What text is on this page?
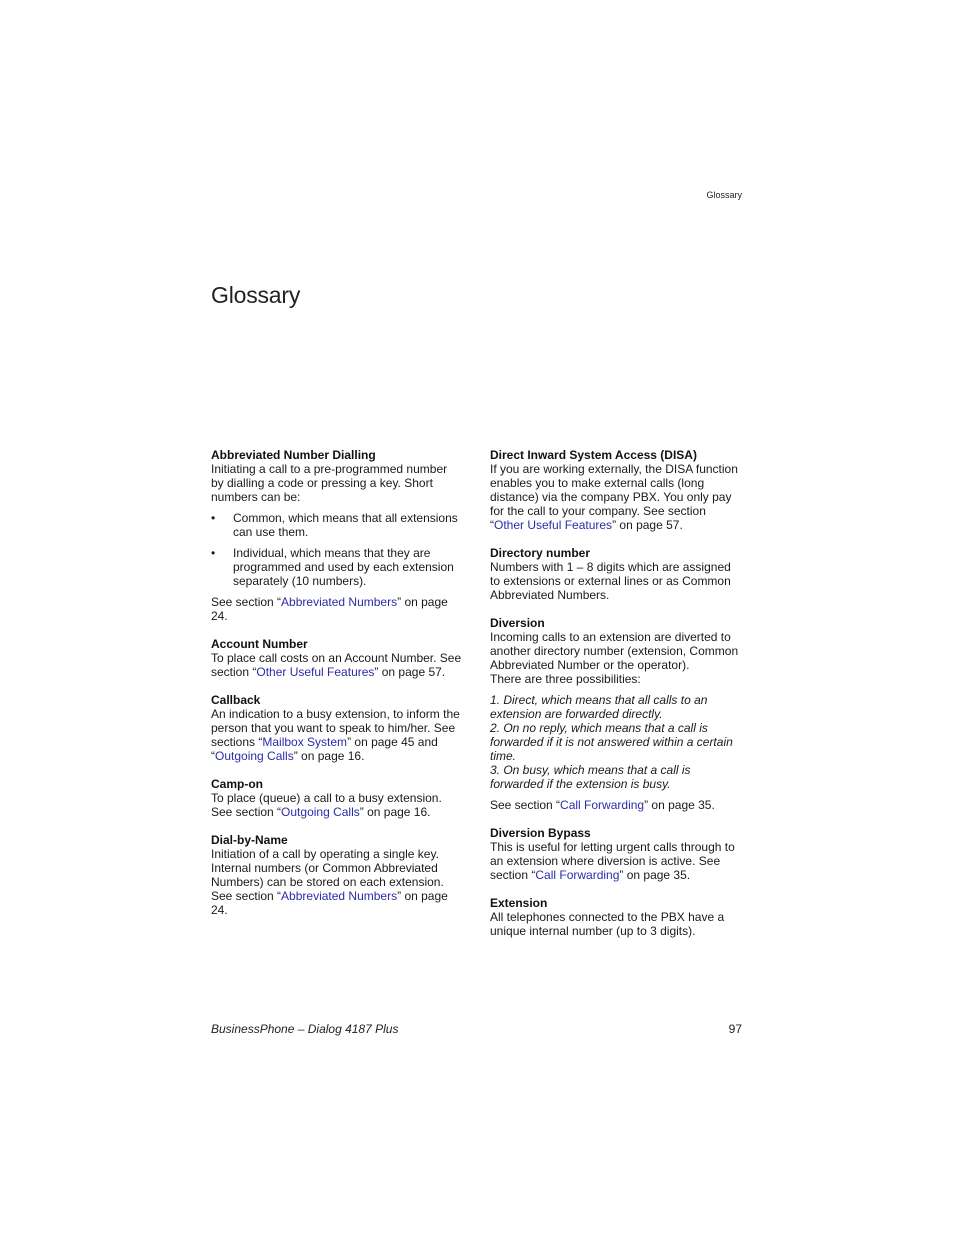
Glossary
Glossary
Abbreviated Number Dialling

Initiating a call to a pre-programmed number by dialling a code or pressing a key. Short numbers can be:

• Common, which means that all extensions can use them.
• Individual, which means that they are programmed and used by each extension separately (10 numbers).

See section “Abbreviated Numbers” on page 24.

Account Number

To place call costs on an Account Number. See section “Other Useful Features” on page 57.

Callback

An indication to a busy extension, to inform the person that you want to speak to him/her. See sections “Mailbox System” on page 45 and “Outgoing Calls” on page 16.

Camp-on

To place (queue) a call to a busy extension. See section “Outgoing Calls” on page 16.

Dial-by-Name

Initiation of a call by operating a single key. Internal numbers (or Common Abbreviated Numbers) can be stored on each extension. See section “Abbreviated Numbers” on page 24.

Direct Inward System Access (DISA)

If you are working externally, the DISA function enables you to make external calls (long distance) via the company PBX. You only pay for the call to your company. See section “Other Useful Features” on page 57.

Directory number

Numbers with 1 – 8 digits which are assigned to extensions or external lines or as Common Abbreviated Numbers.

Diversion

Incoming calls to an extension are diverted to another directory number (extension, Common Abbreviated Number or the operator).

There are three possibilities:

1. Direct, which means that all calls to an extension are forwarded directly.
2. On no reply, which means that a call is forwarded if it is not answered within a certain time.
3. On busy, which means that a call is forwarded if the extension is busy.

See section “Call Forwarding” on page 35.

Diversion Bypass

This is useful for letting urgent calls through to an extension where diversion is active. See section “Call Forwarding” on page 35.

Extension

All telephones connected to the PBX have a unique internal number (up to 3 digits).

BusinessPhone – Dialog 4187 Plus	97
